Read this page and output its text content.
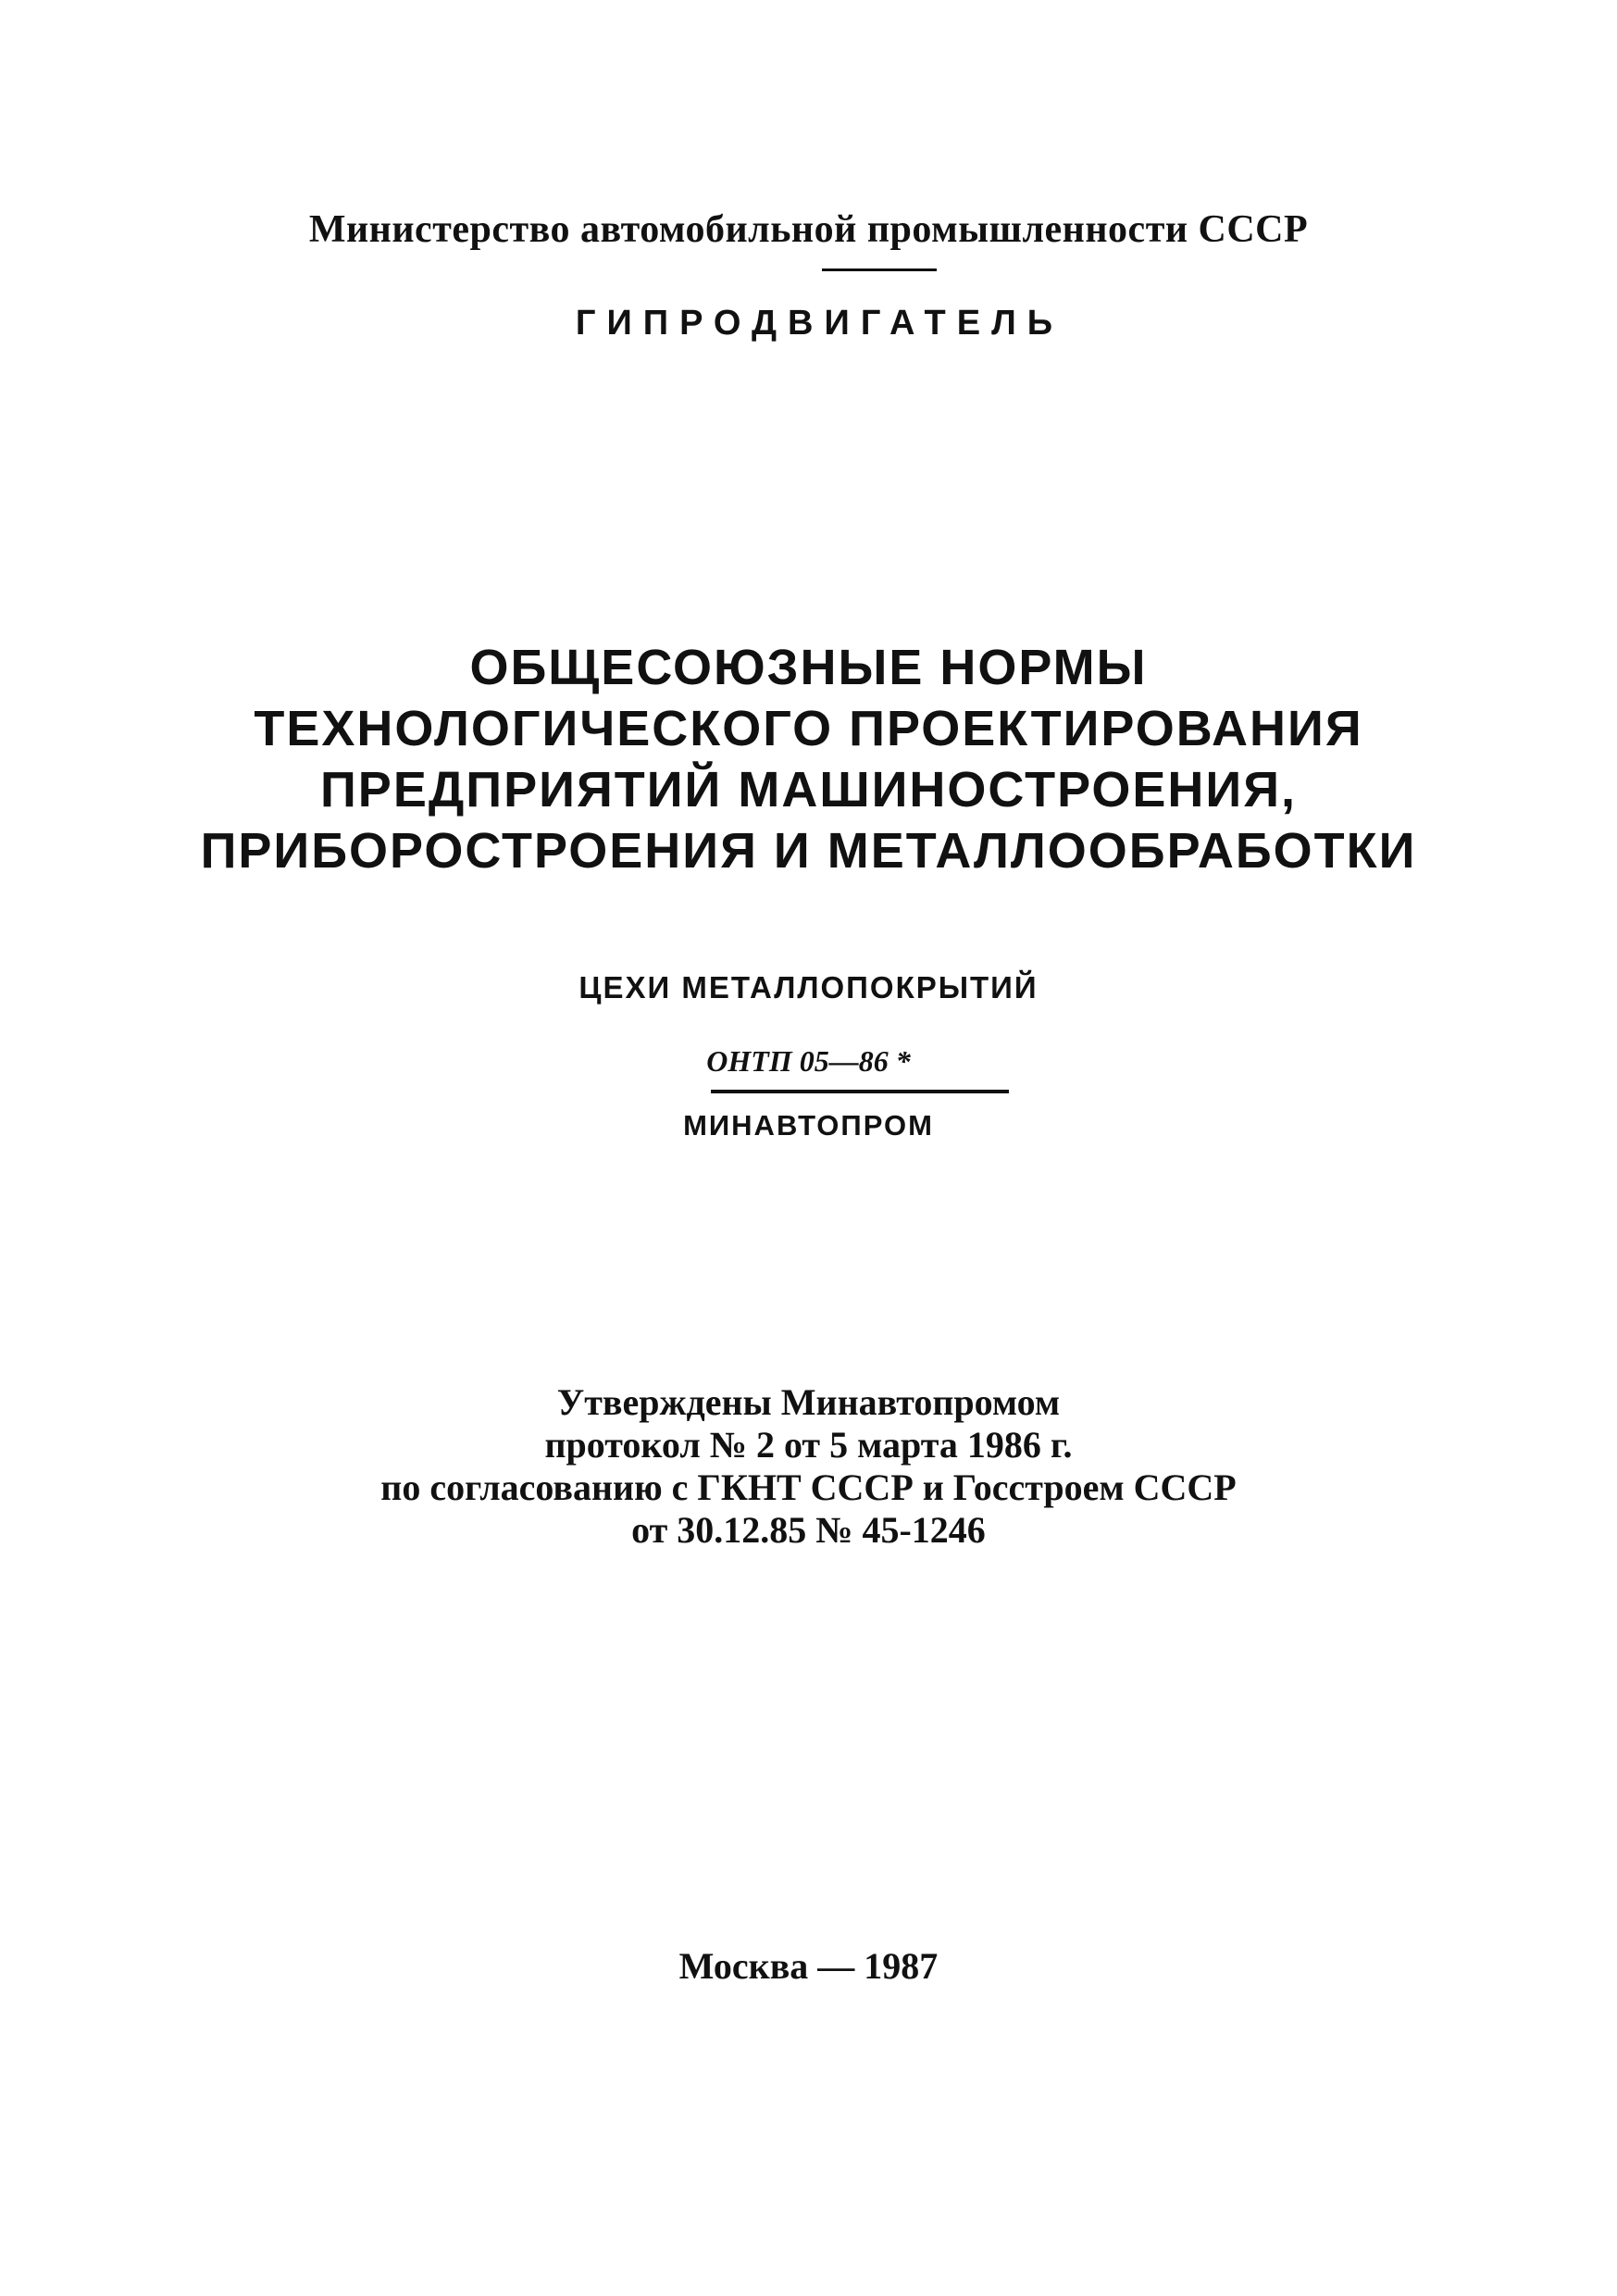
Министерство автомобильной промышленности СССР
ГИПРОДВИГАТЕЛЬ
ОБЩЕСОЮЗНЫЕ НОРМЫ
ТЕХНОЛОГИЧЕСКОГО ПРОЕКТИРОВАНИЯ
ПРЕДПРИЯТИЙ МАШИНОСТРОЕНИЯ,
ПРИБОРОСТРОЕНИЯ И МЕТАЛЛООБРАБОТКИ
ЦЕХИ МЕТАЛЛОПОКРЫТИЙ
ОНТП 05—86 *
МИНАВТОПРОМ
Утверждены Минавтопромом
протокол № 2 от 5 марта 1986 г.
по согласованию с ГКНТ СССР и Госстроем СССР
от 30.12.85 № 45-1246
Москва — 1987
